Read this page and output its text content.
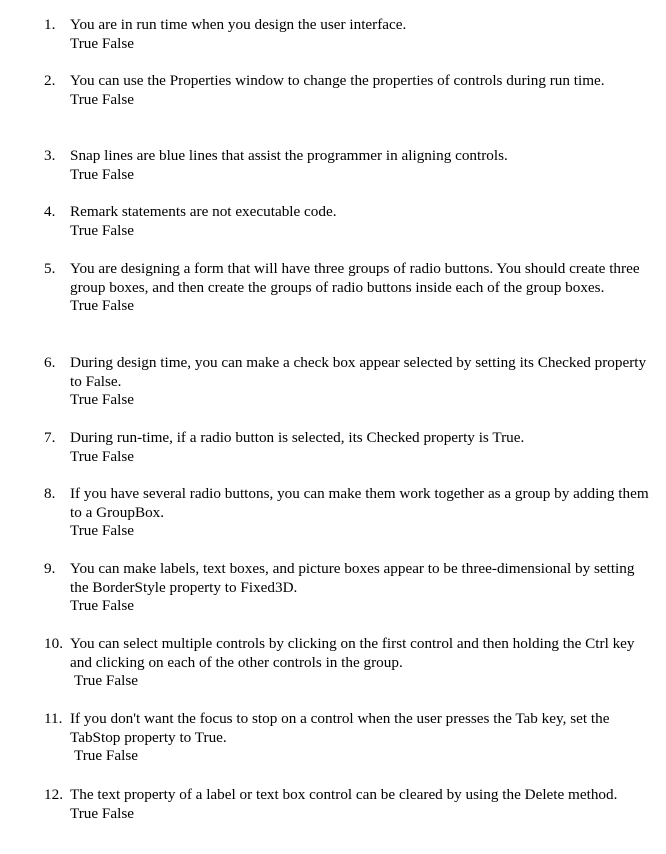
1. You are in run time when you design the user interface.
True False
2. You can use the Properties window to change the properties of controls during run time.
True False
3. Snap lines are blue lines that assist the programmer in aligning controls.
True False
4. Remark statements are not executable code.
True False
5. You are designing a form that will have three groups of radio buttons. You should create three group boxes, and then create the groups of radio buttons inside each of the group boxes.
True False
6. During design time, you can make a check box appear selected by setting its Checked property to False.
True False
7. During run-time, if a radio button is selected, its Checked property is True.
True False
8. If you have several radio buttons, you can make them work together as a group by adding them to a GroupBox.
True False
9. You can make labels, text boxes, and picture boxes appear to be three-dimensional by setting the BorderStyle property to Fixed3D.
True False
10. You can select multiple controls by clicking on the first control and then holding the Ctrl key and clicking on each of the other controls in the group.
True False
11. If you don't want the focus to stop on a control when the user presses the Tab key, set the TabStop property to True.
True False
12. The text property of a label or text box control can be cleared by using the Delete method.
True False
